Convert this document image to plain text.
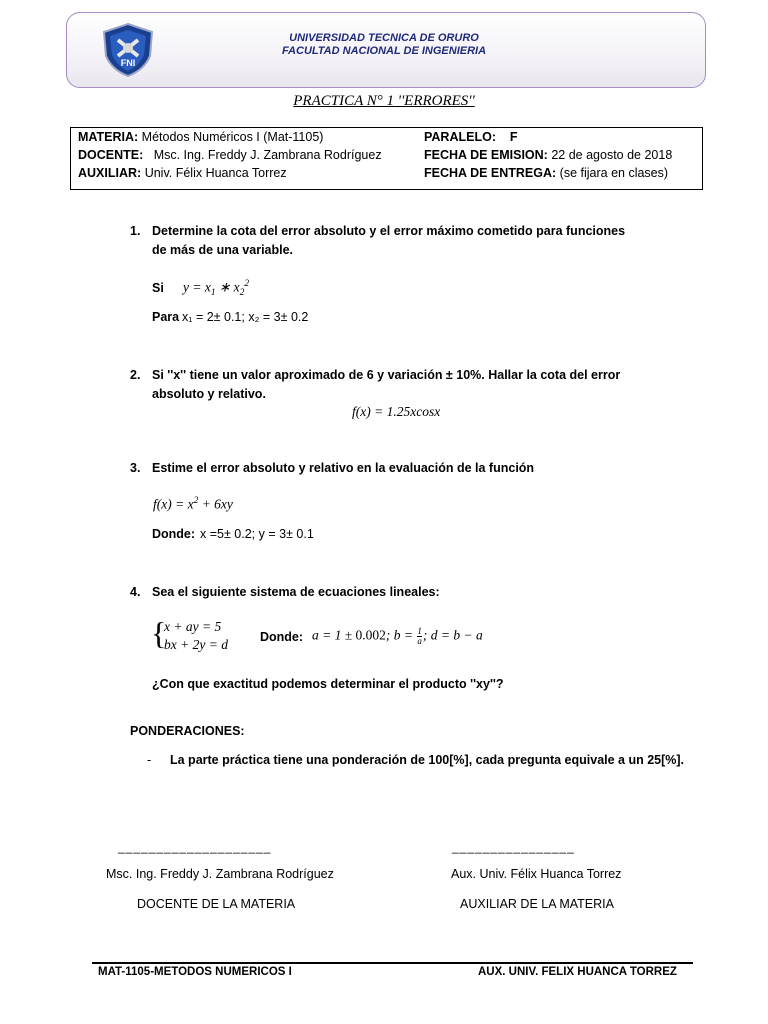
FNI
UNIVERSIDAD TECNICA DE ORURO
FACULTAD NACIONAL DE INGENIERIA
PRACTICA N° 1 ''ERRORES''
MATERIA: Métodos Numéricos I (Mat-1105)
DOCENTE: Msc. Ing. Freddy J. Zambrana Rodríguez
AUXILIAR: Univ. Félix Huanca Torrez
PARALELO: F
FECHA DE EMISION: 22 de agosto de 2018
FECHA DE ENTREGA: (se fijara en clases)
1. Determine la cota del error absoluto y el error máximo cometido para funciones
de más de una variable.
Si $y = x_1$ ∗ $x_2^2$
Para x₁ = 2± 0.1; x₂ = 3± 0.2
2. Si ''x'' tiene un valor aproximado de 6 y variación ± 10%. Hallar la cota del error
absoluto y relativo.
f(x) = 1.25xcosx
3. Estime el error absoluto y relativo en la evaluación de la función
$f(x) = x^2 + 6xy$
Donde: x =5± 0.2; y = 3± 0.1
4. Sea el siguiente sistema de ecuaciones lineales:
{
x + ay = 5
bx + 2y = d	Donde: a = 1 ± 0.002; $b = \frac{1}{a}$ ; d = b − a
¿Con que exactitud podemos determinar el producto ''xy''?
PONDERACIONES:
- La parte práctica tiene una ponderación de 100[%], cada pregunta equivale a un 25[%].
____________________
Msc. Ing. Freddy J. Zambrana Rodríguez
DOCENTE DE LA MATERIA
________________
Aux. Univ. Félix Huanca Torrez
AUXILIAR DE LA MATERIA
MAT-1105-METODOS NUMERICOS I	AUX. UNIV. FELIX HUANCA TORREZ
